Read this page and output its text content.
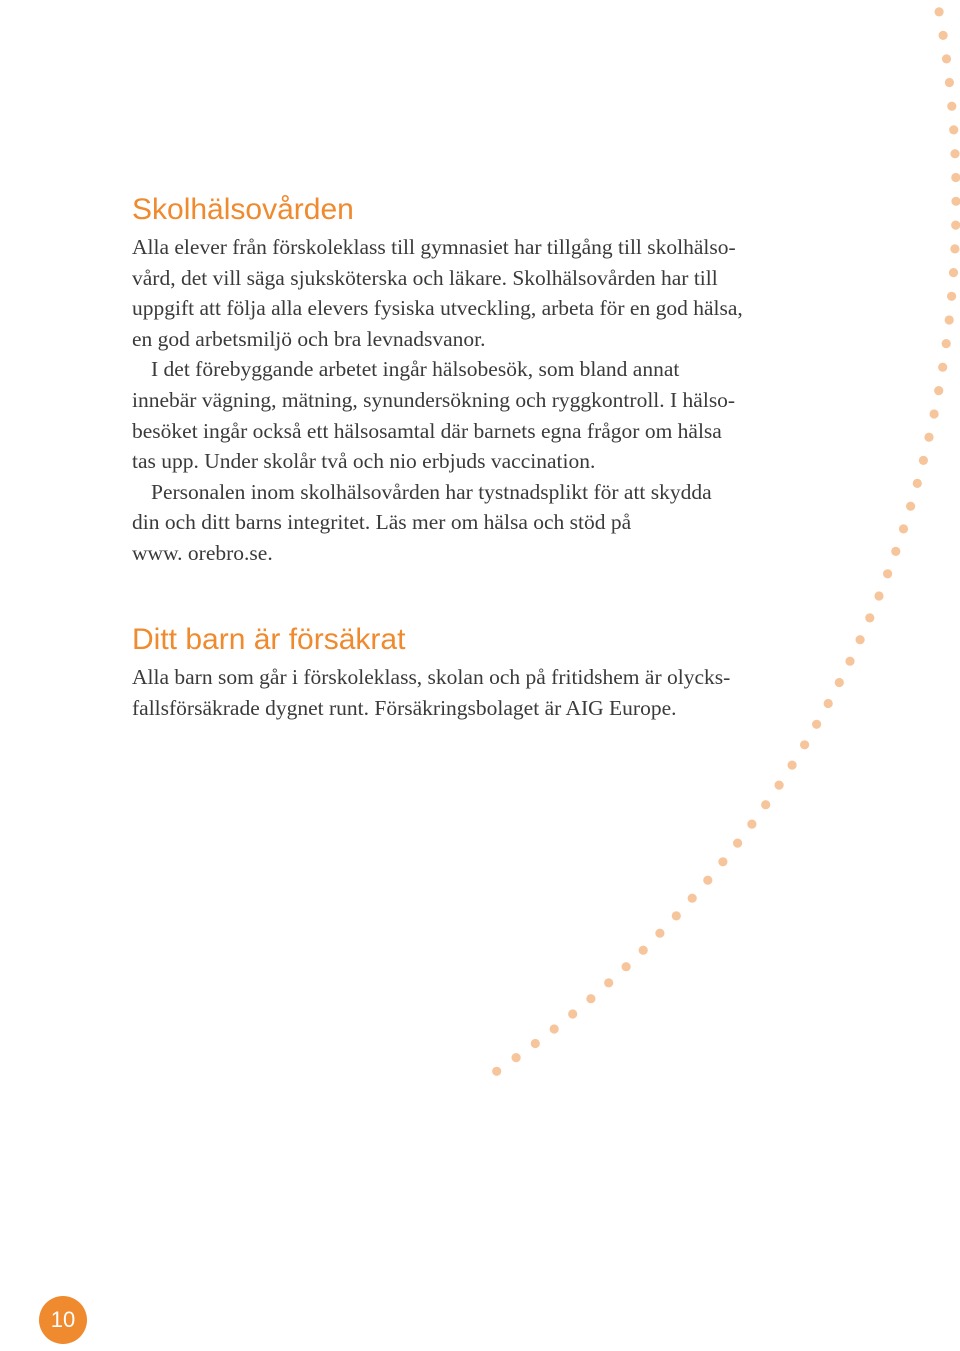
Skolhälsovården

Alla elever från förskoleklass till gymnasiet har tillgång till skolhälso-

vård, det vill säga sjuksköterska och läkare. Skolhälsovården har till

uppgift att följa alla elevers fysiska utveckling, arbeta för en god hälsa,

en god arbetsmiljö och bra levnadsvanor.

I det förebyggande arbetet ingår hälsobesök, som bland annat

innebär vägning, mätning, synundersökning och ryggkontroll. I hälso-

besöket ingår också ett hälsosamtal där barnets egna frågor om hälsa

tas upp. Under skolår två och nio erbjuds vaccination.

Personalen inom skolhälsovården har tystnadsplikt för att skydda

din och ditt barns integritet. Läs mer om hälsa och stöd på

www. orebro.se.

Ditt barn är försäkrat

Alla barn som går i förskoleklass, skolan och på fritidshem är olycks-

fallsförsäkrade dygnet runt. Försäkringsbolaget är AIG Europe.

10
